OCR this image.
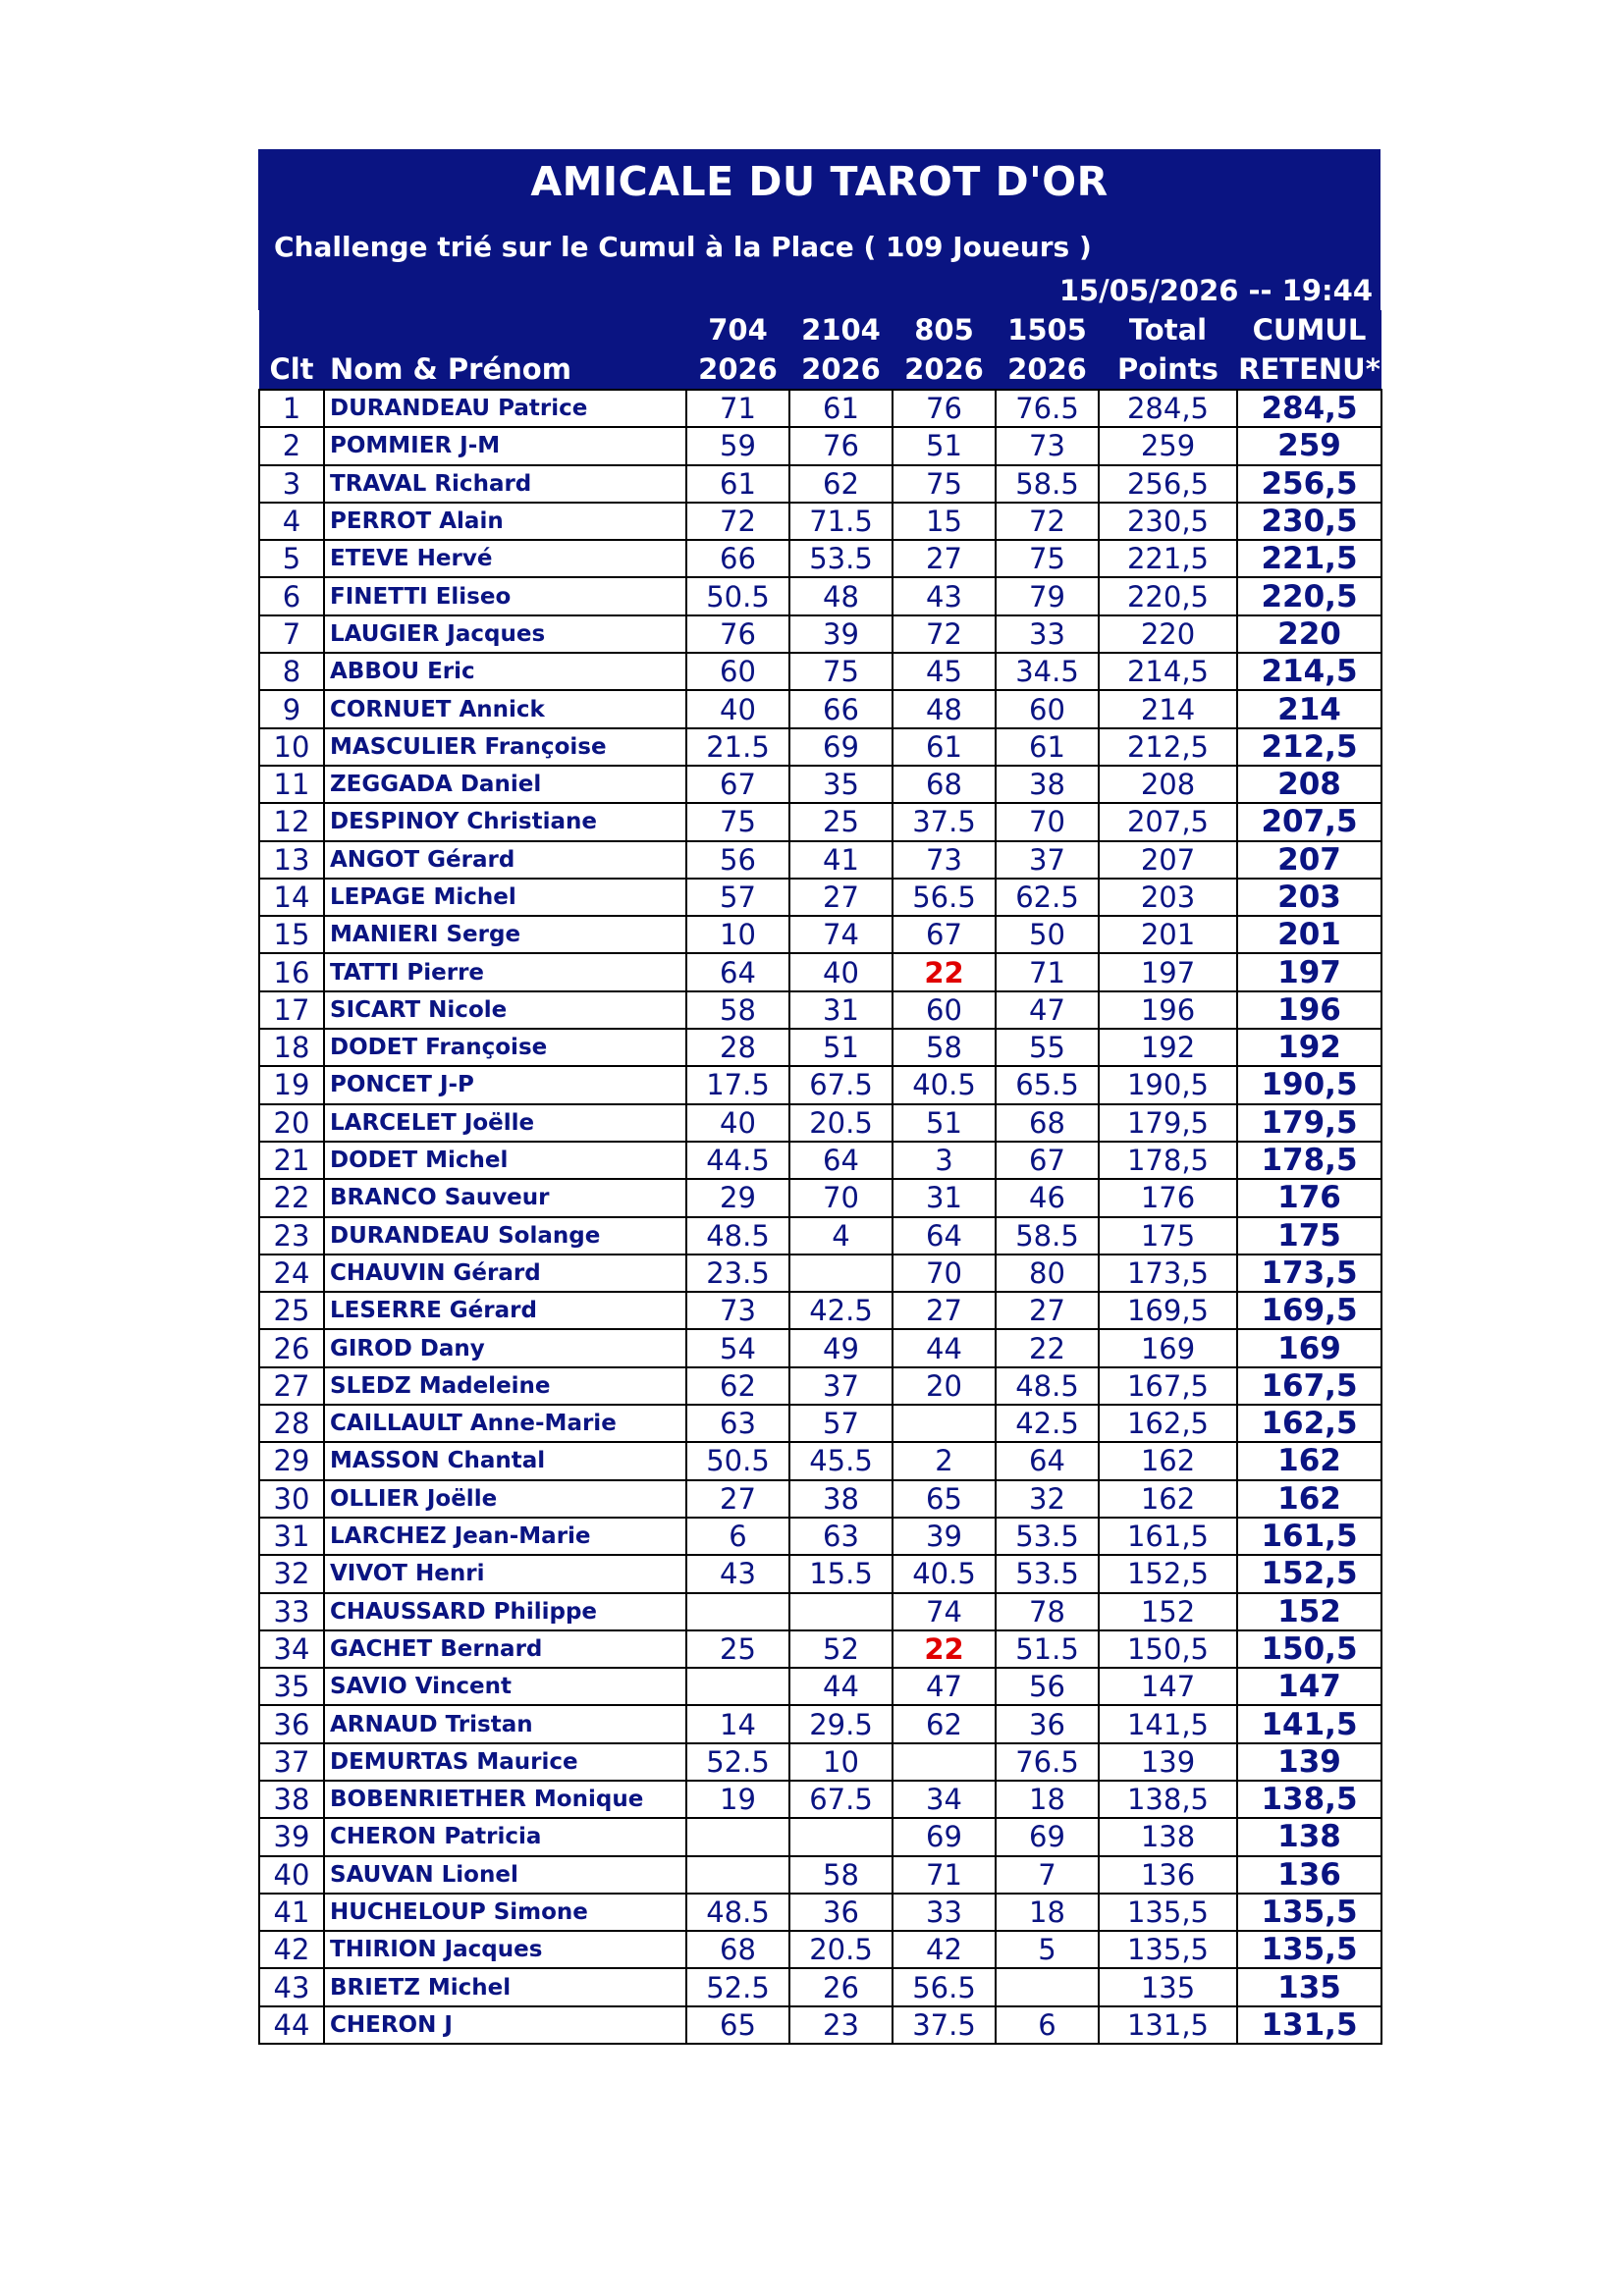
AMICALE DU TAROT D'OR
Challenge trié sur le Cumul à la Place ( 109 Joueurs )
15/05/2026 -- 19:44
		704	2104	805	1505	Total	CUMUL
Clt	Nom & Prénom	2026	2026	2026	2026	Points	RETENU*
1	DURANDEAU Patrice	71	61	76	76.5	284,5	284,5
2	POMMIER J-M	59	76	51	73	259	259
3	TRAVAL Richard	61	62	75	58.5	256,5	256,5
4	PERROT Alain	72	71.5	15	72	230,5	230,5
5	ETEVE Hervé	66	53.5	27	75	221,5	221,5
6	FINETTI Eliseo	50.5	48	43	79	220,5	220,5
7	LAUGIER Jacques	76	39	72	33	220	220
8	ABBOU Eric	60	75	45	34.5	214,5	214,5
9	CORNUET Annick	40	66	48	60	214	214
10	MASCULIER Françoise	21.5	69	61	61	212,5	212,5
11	ZEGGADA Daniel	67	35	68	38	208	208
12	DESPINOY Christiane	75	25	37.5	70	207,5	207,5
13	ANGOT Gérard	56	41	73	37	207	207
14	LEPAGE Michel	57	27	56.5	62.5	203	203
15	MANIERI Serge	10	74	67	50	201	201
16	TATTI Pierre	64	40	22	71	197	197
17	SICART Nicole	58	31	60	47	196	196
18	DODET Françoise	28	51	58	55	192	192
19	PONCET J-P	17.5	67.5	40.5	65.5	190,5	190,5
20	LARCELET Joëlle	40	20.5	51	68	179,5	179,5
21	DODET Michel	44.5	64	3	67	178,5	178,5
22	BRANCO Sauveur	29	70	31	46	176	176
23	DURANDEAU Solange	48.5	4	64	58.5	175	175
24	CHAUVIN Gérard	23.5		70	80	173,5	173,5
25	LESERRE Gérard	73	42.5	27	27	169,5	169,5
26	GIROD Dany	54	49	44	22	169	169
27	SLEDZ Madeleine	62	37	20	48.5	167,5	167,5
28	CAILLAULT Anne-Marie	63	57		42.5	162,5	162,5
29	MASSON Chantal	50.5	45.5	2	64	162	162
30	OLLIER Joëlle	27	38	65	32	162	162
31	LARCHEZ Jean-Marie	6	63	39	53.5	161,5	161,5
32	VIVOT Henri	43	15.5	40.5	53.5	152,5	152,5
33	CHAUSSARD Philippe			74	78	152	152
34	GACHET Bernard	25	52	22	51.5	150,5	150,5
35	SAVIO Vincent		44	47	56	147	147
36	ARNAUD Tristan	14	29.5	62	36	141,5	141,5
37	DEMURTAS Maurice	52.5	10		76.5	139	139
38	BOBENRIETHER Monique	19	67.5	34	18	138,5	138,5
39	CHERON Patricia			69	69	138	138
40	SAUVAN Lionel		58	71	7	136	136
41	HUCHELOUP Simone	48.5	36	33	18	135,5	135,5
42	THIRION Jacques	68	20.5	42	5	135,5	135,5
43	BRIETZ Michel	52.5	26	56.5		135	135
44	CHERON J	65	23	37.5	6	131,5	131,5
